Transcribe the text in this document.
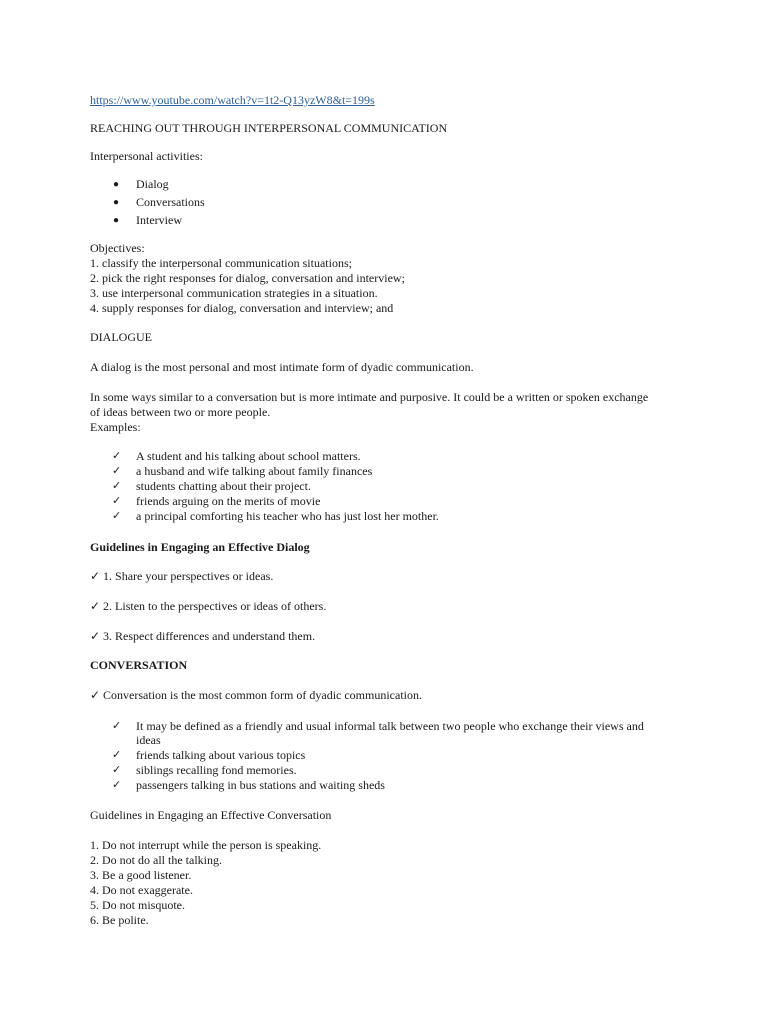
https://www.youtube.com/watch?v=1t2-Q13yzW8&t=199s
REACHING OUT THROUGH INTERPERSONAL COMMUNICATION
Interpersonal activities:
● Dialog
● Conversations
● Interview
Objectives:
1. classify the interpersonal communication situations;
2. pick the right responses for dialog, conversation and interview;
3. use interpersonal communication strategies in a situation.
4. supply responses for dialog, conversation and interview; and
DIALOGUE
A dialog is the most personal and most intimate form of dyadic communication.
In some ways similar to a conversation but is more intimate and purposive. It could be a written or spoken exchange
of ideas between two or more people.
Examples:
✓ A student and his talking about school matters.
✓ a husband and wife talking about family finances
✓ students chatting about their project.
✓ friends arguing on the merits of movie
✓ a principal comforting his teacher who has just lost her mother.
Guidelines in Engaging an Effective Dialog
✓ 1. Share your perspectives or ideas.
✓ 2. Listen to the perspectives or ideas of others.
✓ 3. Respect differences and understand them.
CONVERSATION
✓ Conversation is the most common form of dyadic communication.
✓ It may be defined as a friendly and usual informal talk between two people who exchange their views and
ideas
✓ friends talking about various topics
✓ siblings recalling fond memories.
✓ passengers talking in bus stations and waiting sheds
Guidelines in Engaging an Effective Conversation
1. Do not interrupt while the person is speaking.
2. Do not do all the talking.
3. Be a good listener.
4. Do not exaggerate.
5. Do not misquote.
6. Be polite.
